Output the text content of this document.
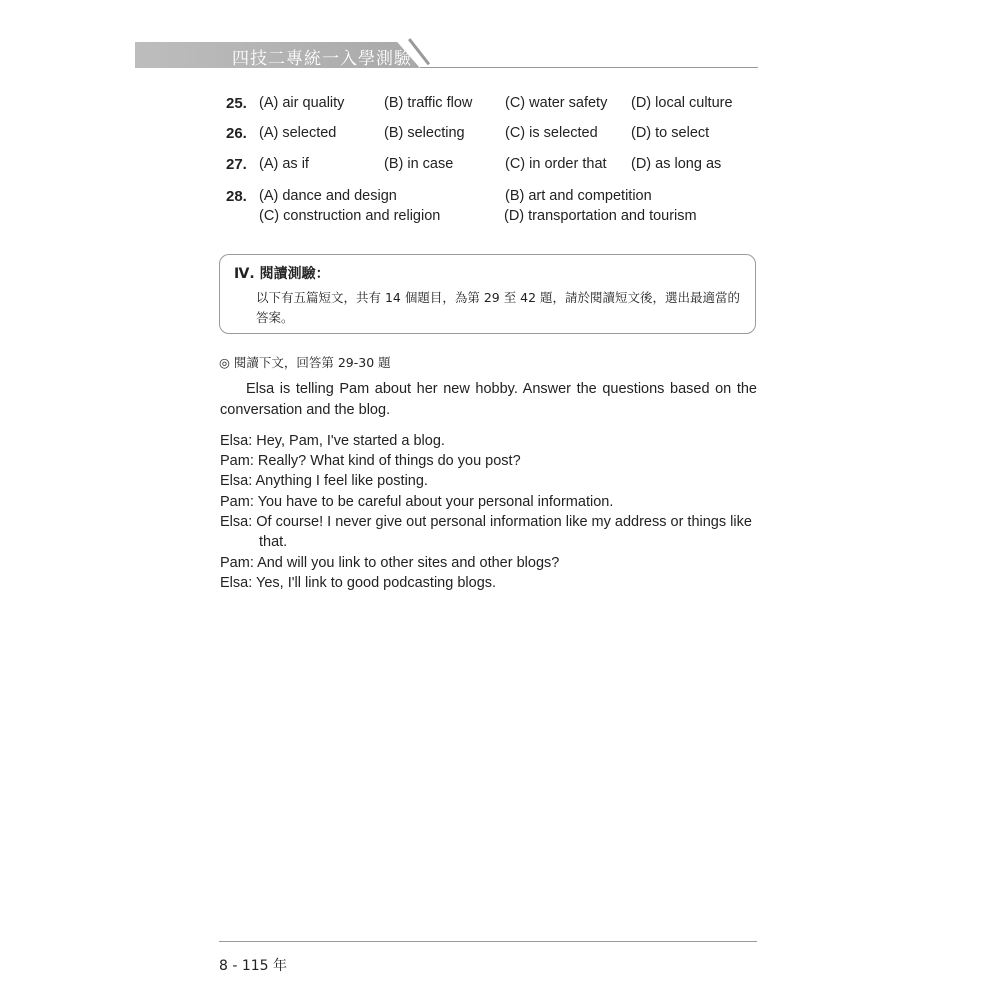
四技二專統一入學測驗
25. (A) air quality	(B) traffic flow (C) water safety (D) local culture
26. (A) selected	(B) selecting	(C) is selected (D) to select
27. (A) as if	(B) in case	(C) in order that (D) as long as
28. (A) dance and design	(B) art and competition
(C) construction and religion	(D) transportation and tourism
Ⅳ. 閱讀測驗：
以下有五篇短文，共有 14 個題目，為第 29 至 42 題，請於閱讀短文後，選出最適當的答案。
◎ 閱讀下文，回答第 29-30 題
Elsa is telling Pam about her new hobby. Answer the questions based on the conversation and the blog.
Elsa: Hey, Pam, I've started a blog.
Pam: Really? What kind of things do you post?
Elsa: Anything I feel like posting.
Pam: You have to be careful about your personal information.
Elsa: Of course! I never give out personal information like my address or things like that.
Pam: And will you link to other sites and other blogs?
Elsa: Yes, I'll link to good podcasting blogs.
8 - 115 年
